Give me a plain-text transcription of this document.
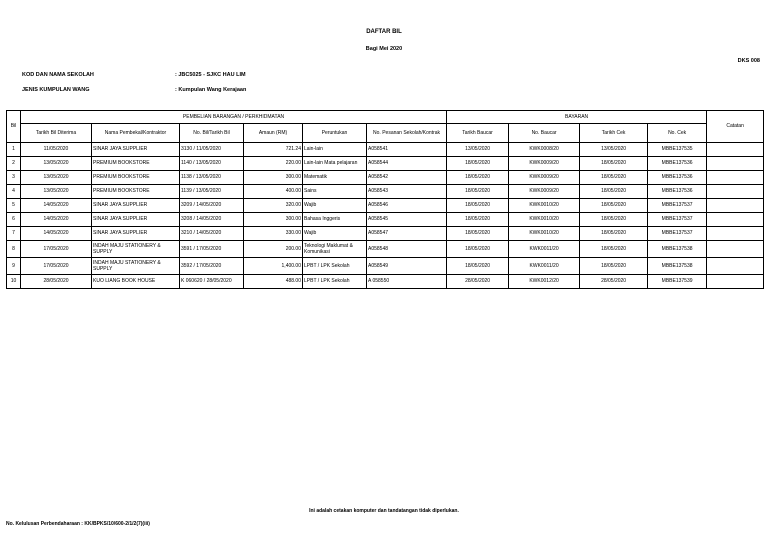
DAFTAR BIL
Bagi Mei 2020
DKS 008
KOD DAN NAMA SEKOLAH	: JBC5025 - SJKC HAU LIM
JENIS KUMPULAN WANG	: Kumpulan Wang Kerajaan
Bil	PEMBELIAN BARANGAN / PERKHIDMATAN						BAYARAN				Catatan
	Tarikh Bil Diterima	Nama Pembekal/Kontraktor	No. Bil/Tarikh Bil	Amaun (RM)	Peruntukan	No. Pesanan Sekolah/Kontrak	Tarikh Baucar	No. Baucar	Tarikh Cek	No. Cek	
1	11/05/2020	SINAR JAYA SUPPLIER	3130 / 11/05/2020	721.24	Lain-lain	A058541	13/05/2020	KWK0008/20	13/05/2020	MBBE137535	
2	13/05/2020	PREMIUM BOOKSTORE	1140 / 13/05/2020	220.00	Lain-lain Mata pelajaran	A058544	18/05/2020	KWK0009/20	18/05/2020	MBBE137536	
3	13/05/2020	PREMIUM BOOKSTORE	1138 / 13/05/2020	300.00	Matematik	A058542	18/05/2020	KWK0009/20	18/05/2020	MBBE137536	
4	13/05/2020	PREMIUM BOOKSTORE	1139 / 13/05/2020	400.00	Sains	A058543	18/05/2020	KWK0009/20	18/05/2020	MBBE137536	
5	14/05/2020	SINAR JAYA SUPPLIER	3209 / 14/05/2020	320.00	Wajib	A058546	18/05/2020	KWK0010/20	18/05/2020	MBBE137537	
6	14/05/2020	SINAR JAYA SUPPLIER	3208 / 14/05/2020	300.00	Bahasa Inggeris	A058545	18/05/2020	KWK0010/20	18/05/2020	MBBE137537	
7	14/05/2020	SINAR JAYA SUPPLIER	3210 / 14/05/2020	330.00	Wajib	A058547	18/05/2020	KWK0010/20	18/05/2020	MBBE137537	
8	17/05/2020	INDAH MAJU STATIONERY & SUPPLY	3591 / 17/05/2020	200.00	Teknologi Maklumat & Komunikasi	A058548	18/05/2020	KWK0011/20	18/05/2020	MBBE137538	
9	17/05/2020	INDAH MAJU STATIONERY & SUPPLY	3592 / 17/05/2020	1,400.00	LPBT / LPK Sekolah	A058549	18/05/2020	KWK0011/20	18/05/2020	MBBE137538	
10	28/05/2020	KUO LIANG BOOK HOUSE	K 060620 / 28/05/2020	488.00	LPBT / LPK Sekolah	A 058550	28/05/2020	KWK0012/20	28/05/2020	MBBE137539	
Ini adalah cetakan komputer dan tandatangan tidak diperlukan.
No. Kelulusan Perbendaharaan : KK/BPKS/10/600-2/1/2(7)(iii)
